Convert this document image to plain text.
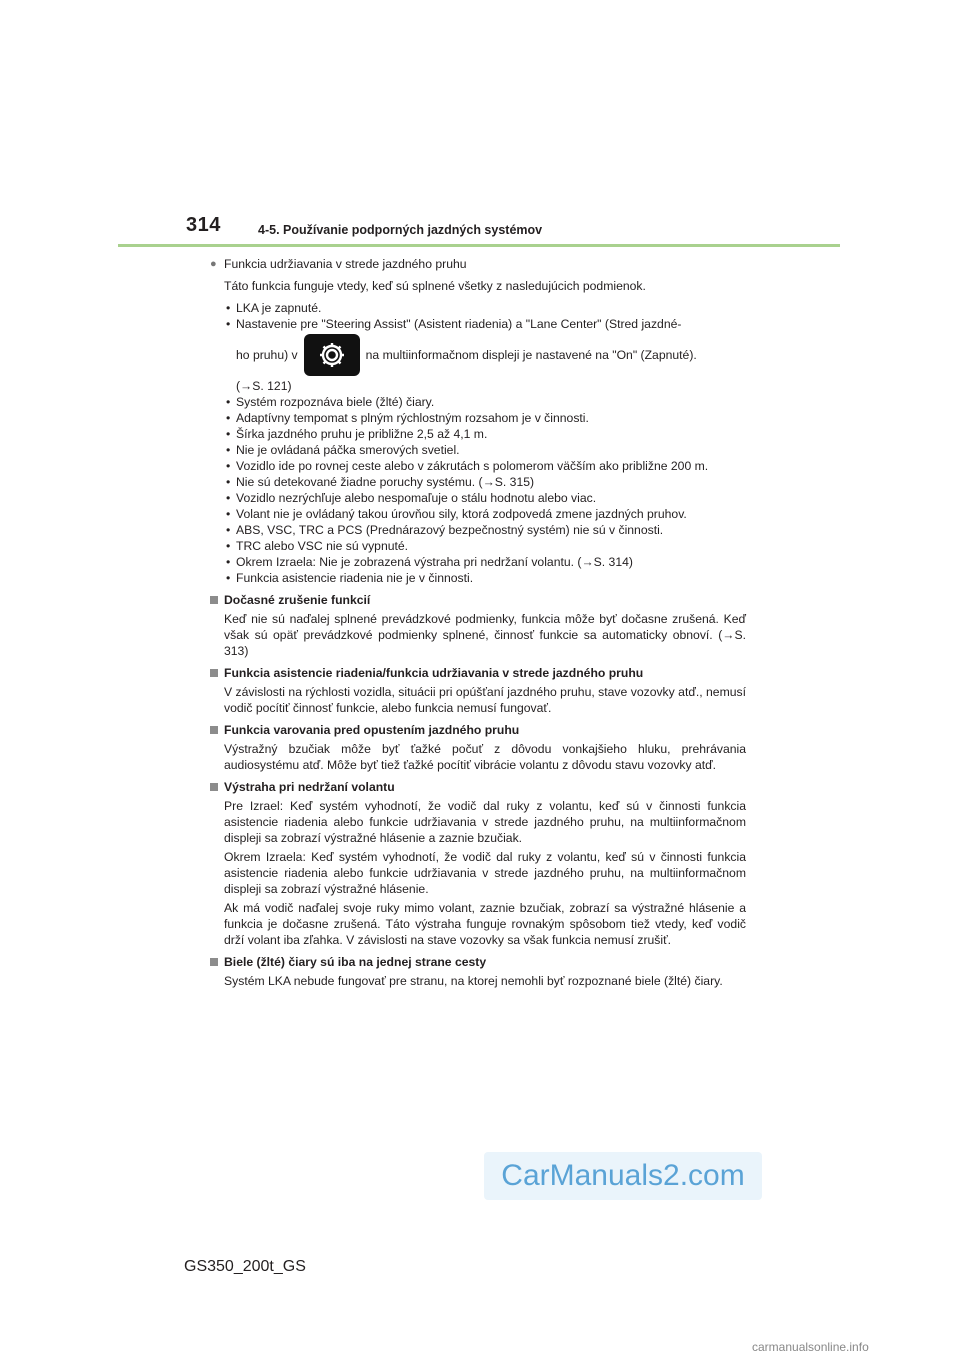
314	4-5. Používanie podporných jazdných systémov
● Funkcia udržiavania v strede jazdného pruhu
Táto funkcia funguje vtedy, keď sú splnené všetky z nasledujúcich podmienok.
• LKA je zapnuté.
• Nastavenie pre "Steering Assist" (Asistent riadenia) a "Lane Center" (Stred jazdné-
ho pruhu) v	na multiinformačnom displeji je nastavené na "On" (Zapnuté).
(→S. 121)
• Systém rozpoznáva biele (žlté) čiary.
• Adaptívny tempomat s plným rýchlostným rozsahom je v činnosti.
• Šírka jazdného pruhu je približne 2,5 až 4,1 m.
• Nie je ovládaná páčka smerových svetiel.
• Vozidlo ide po rovnej ceste alebo v zákrutách s polomerom väčším ako približne 200 m.
• Nie sú detekované žiadne poruchy systému. (→S. 315)
• Vozidlo nezrýchľuje alebo nespomaľuje o stálu hodnotu alebo viac.
• Volant nie je ovládaný takou úrovňou sily, ktorá zodpovedá zmene jazdných pruhov.
• ABS, VSC, TRC a PCS (Prednárazový bezpečnostný systém) nie sú v činnosti.
• TRC alebo VSC nie sú vypnuté.
• Okrem Izraela: Nie je zobrazená výstraha pri nedržaní volantu. (→S. 314)
• Funkcia asistencie riadenia nie je v činnosti.
Dočasné zrušenie funkcií
Keď nie sú naďalej splnené prevádzkové podmienky, funkcia môže byť dočasne zrušená. Keď však sú opäť prevádzkové podmienky splnené, činnosť funkcie sa automaticky obnoví. (→S. 313)
Funkcia asistencie riadenia/funkcia udržiavania v strede jazdného pruhu
V závislosti na rýchlosti vozidla, situácii pri opúšťaní jazdného pruhu, stave vozovky atď., nemusí vodič pocítiť činnosť funkcie, alebo funkcia nemusí fungovať.
Funkcia varovania pred opustením jazdného pruhu
Výstražný bzučiak môže byť ťažké počuť z dôvodu vonkajšieho hluku, prehrávania audiosystému atď. Môže byť tiež ťažké pocítiť vibrácie volantu z dôvodu stavu vozovky atď.
Výstraha pri nedržaní volantu
Pre Izrael: Keď systém vyhodnotí, že vodič dal ruky z volantu, keď sú v činnosti funkcia asistencie riadenia alebo funkcie udržiavania v strede jazdného pruhu, na multiinformačnom displeji sa zobrazí výstražné hlásenie a zaznie bzučiak.
Okrem Izraela: Keď systém vyhodnotí, že vodič dal ruky z volantu, keď sú v činnosti funkcia asistencie riadenia alebo funkcie udržiavania v strede jazdného pruhu, na multiinformačnom displeji sa zobrazí výstražné hlásenie.
Ak má vodič naďalej svoje ruky mimo volant, zaznie bzučiak, zobrazí sa výstražné hlásenie a funkcia je dočasne zrušená. Táto výstraha funguje rovnakým spôsobom tiež vtedy, keď vodič drží volant iba zľahka. V závislosti na stave vozovky sa však funkcia nemusí zrušiť.
Biele (žlté) čiary sú iba na jednej strane cesty
Systém LKA nebude fungovať pre stranu, na ktorej nemohli byť rozpoznané biele (žlté) čiary.
CarManuals2.com
GS350_200t_GS
carmanualsonline.info
